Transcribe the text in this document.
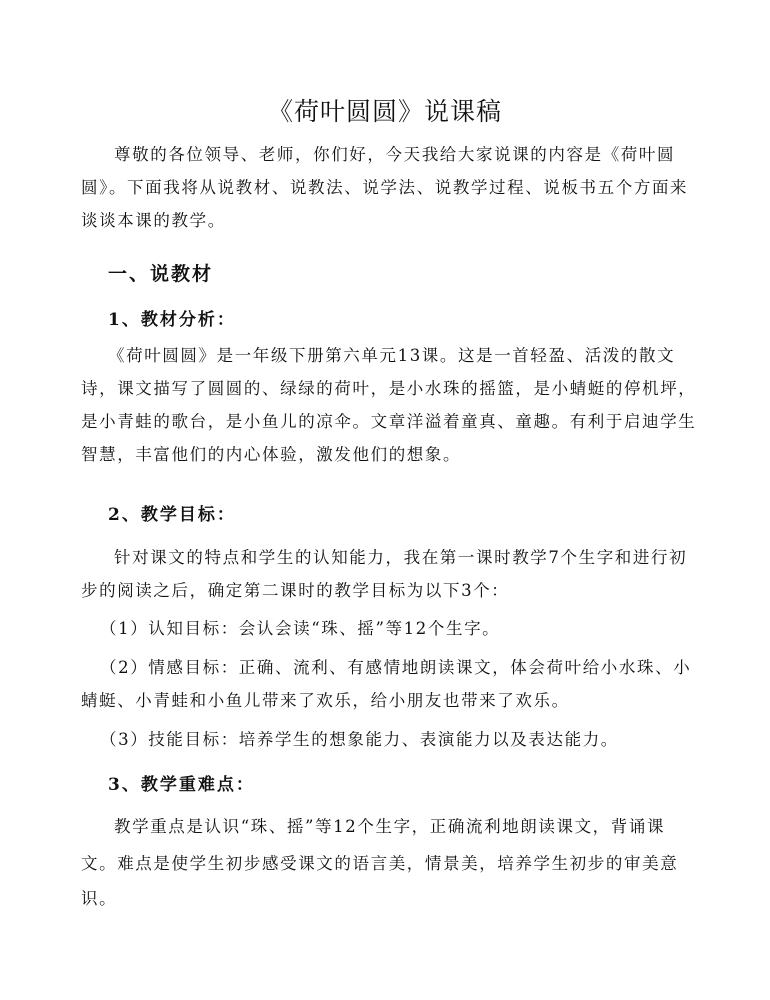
《荷叶圆圆》说课稿
尊敬的各位领导、老师，你们好，今天我给大家说课的内容是《荷叶圆
圆》。下面我将从说教材、说教法、说学法、说教学过程、说板书五个方面来
谈谈本课的教学。
一、说教材
1、教材分析：
《荷叶圆圆》是一年级下册第六单元13课。这是一首轻盈、活泼的散文
诗，课文描写了圆圆的、绿绿的荷叶，是小水珠的摇篮，是小蜻蜓的停机坪，
是小青蛙的歌台，是小鱼儿的凉伞。文章洋溢着童真、童趣。有利于启迪学生
智慧，丰富他们的内心体验，激发他们的想象。
2、教学目标：
针对课文的特点和学生的认知能力，我在第一课时教学7个生字和进行初
步的阅读之后，确定第二课时的教学目标为以下3个：
（1）认知目标：会认会读“珠、摇”等12个生字。
（2）情感目标：正确、流利、有感情地朗读课文，体会荷叶给小水珠、小
蜻蜓、小青蛙和小鱼儿带来了欢乐，给小朋友也带来了欢乐。
（3）技能目标：培养学生的想象能力、表演能力以及表达能力。
3、教学重难点：
教学重点是认识“珠、摇”等12个生字，正确流利地朗读课文，背诵课
文。难点是使学生初步感受课文的语言美，情景美，培养学生初步的审美意
识。
